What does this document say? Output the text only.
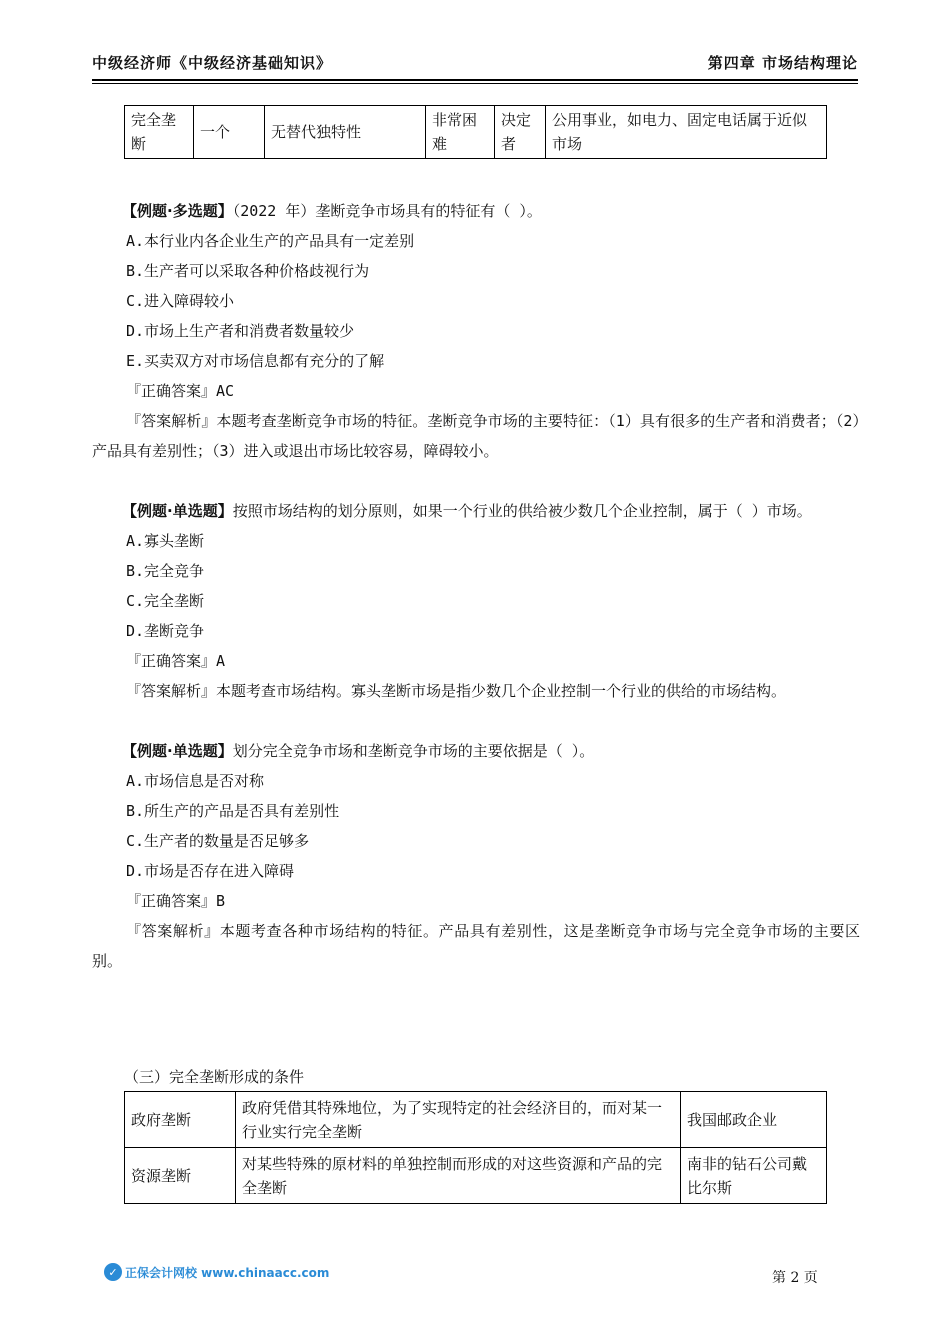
中级经济师《中级经济基础知识》	第四章 市场结构理论
完全垄断	一个	无替代独特性	非常困难	决定者	公用事业，如电力、固定电话属于近似市场

【例题·多选题】（2022 年）垄断竞争市场具有的特征有（ ）。

A.本行业内各企业生产的产品具有一定差别

B.生产者可以采取各种价格歧视行为

C.进入障碍较小

D.市场上生产者和消费者数量较少

E.买卖双方对市场信息都有充分的了解

『正确答案』AC

『答案解析』本题考查垄断竞争市场的特征。垄断竞争市场的主要特征：（1）具有很多的生产者和消费者；（2）产品具有差别性；（3）进入或退出市场比较容易，障碍较小。

【例题·单选题】按照市场结构的划分原则，如果一个行业的供给被少数几个企业控制，属于（ ）市场。

A.寡头垄断

B.完全竞争

C.完全垄断

D.垄断竞争

『正确答案』A

『答案解析』本题考查市场结构。寡头垄断市场是指少数几个企业控制一个行业的供给的市场结构。

【例题·单选题】划分完全竞争市场和垄断竞争市场的主要依据是（ ）。

A.市场信息是否对称

B.所生产的产品是否具有差别性

C.生产者的数量是否足够多

D.市场是否存在进入障碍

『正确答案』B

『答案解析』本题考查各种市场结构的特征。产品具有差别性，这是垄断竞争市场与完全竞争市场的主要区别。

（三）完全垄断形成的条件
政府垄断	政府凭借其特殊地位，为了实现特定的社会经济目的，而对某一行业实行完全垄断	我国邮政企业
资源垄断	对某些特殊的原材料的单独控制而形成的对这些资源和产品的完全垄断	南非的钻石公司戴比尔斯
✓ 正保会计网校 www.chinaacc.com	第 2 页
